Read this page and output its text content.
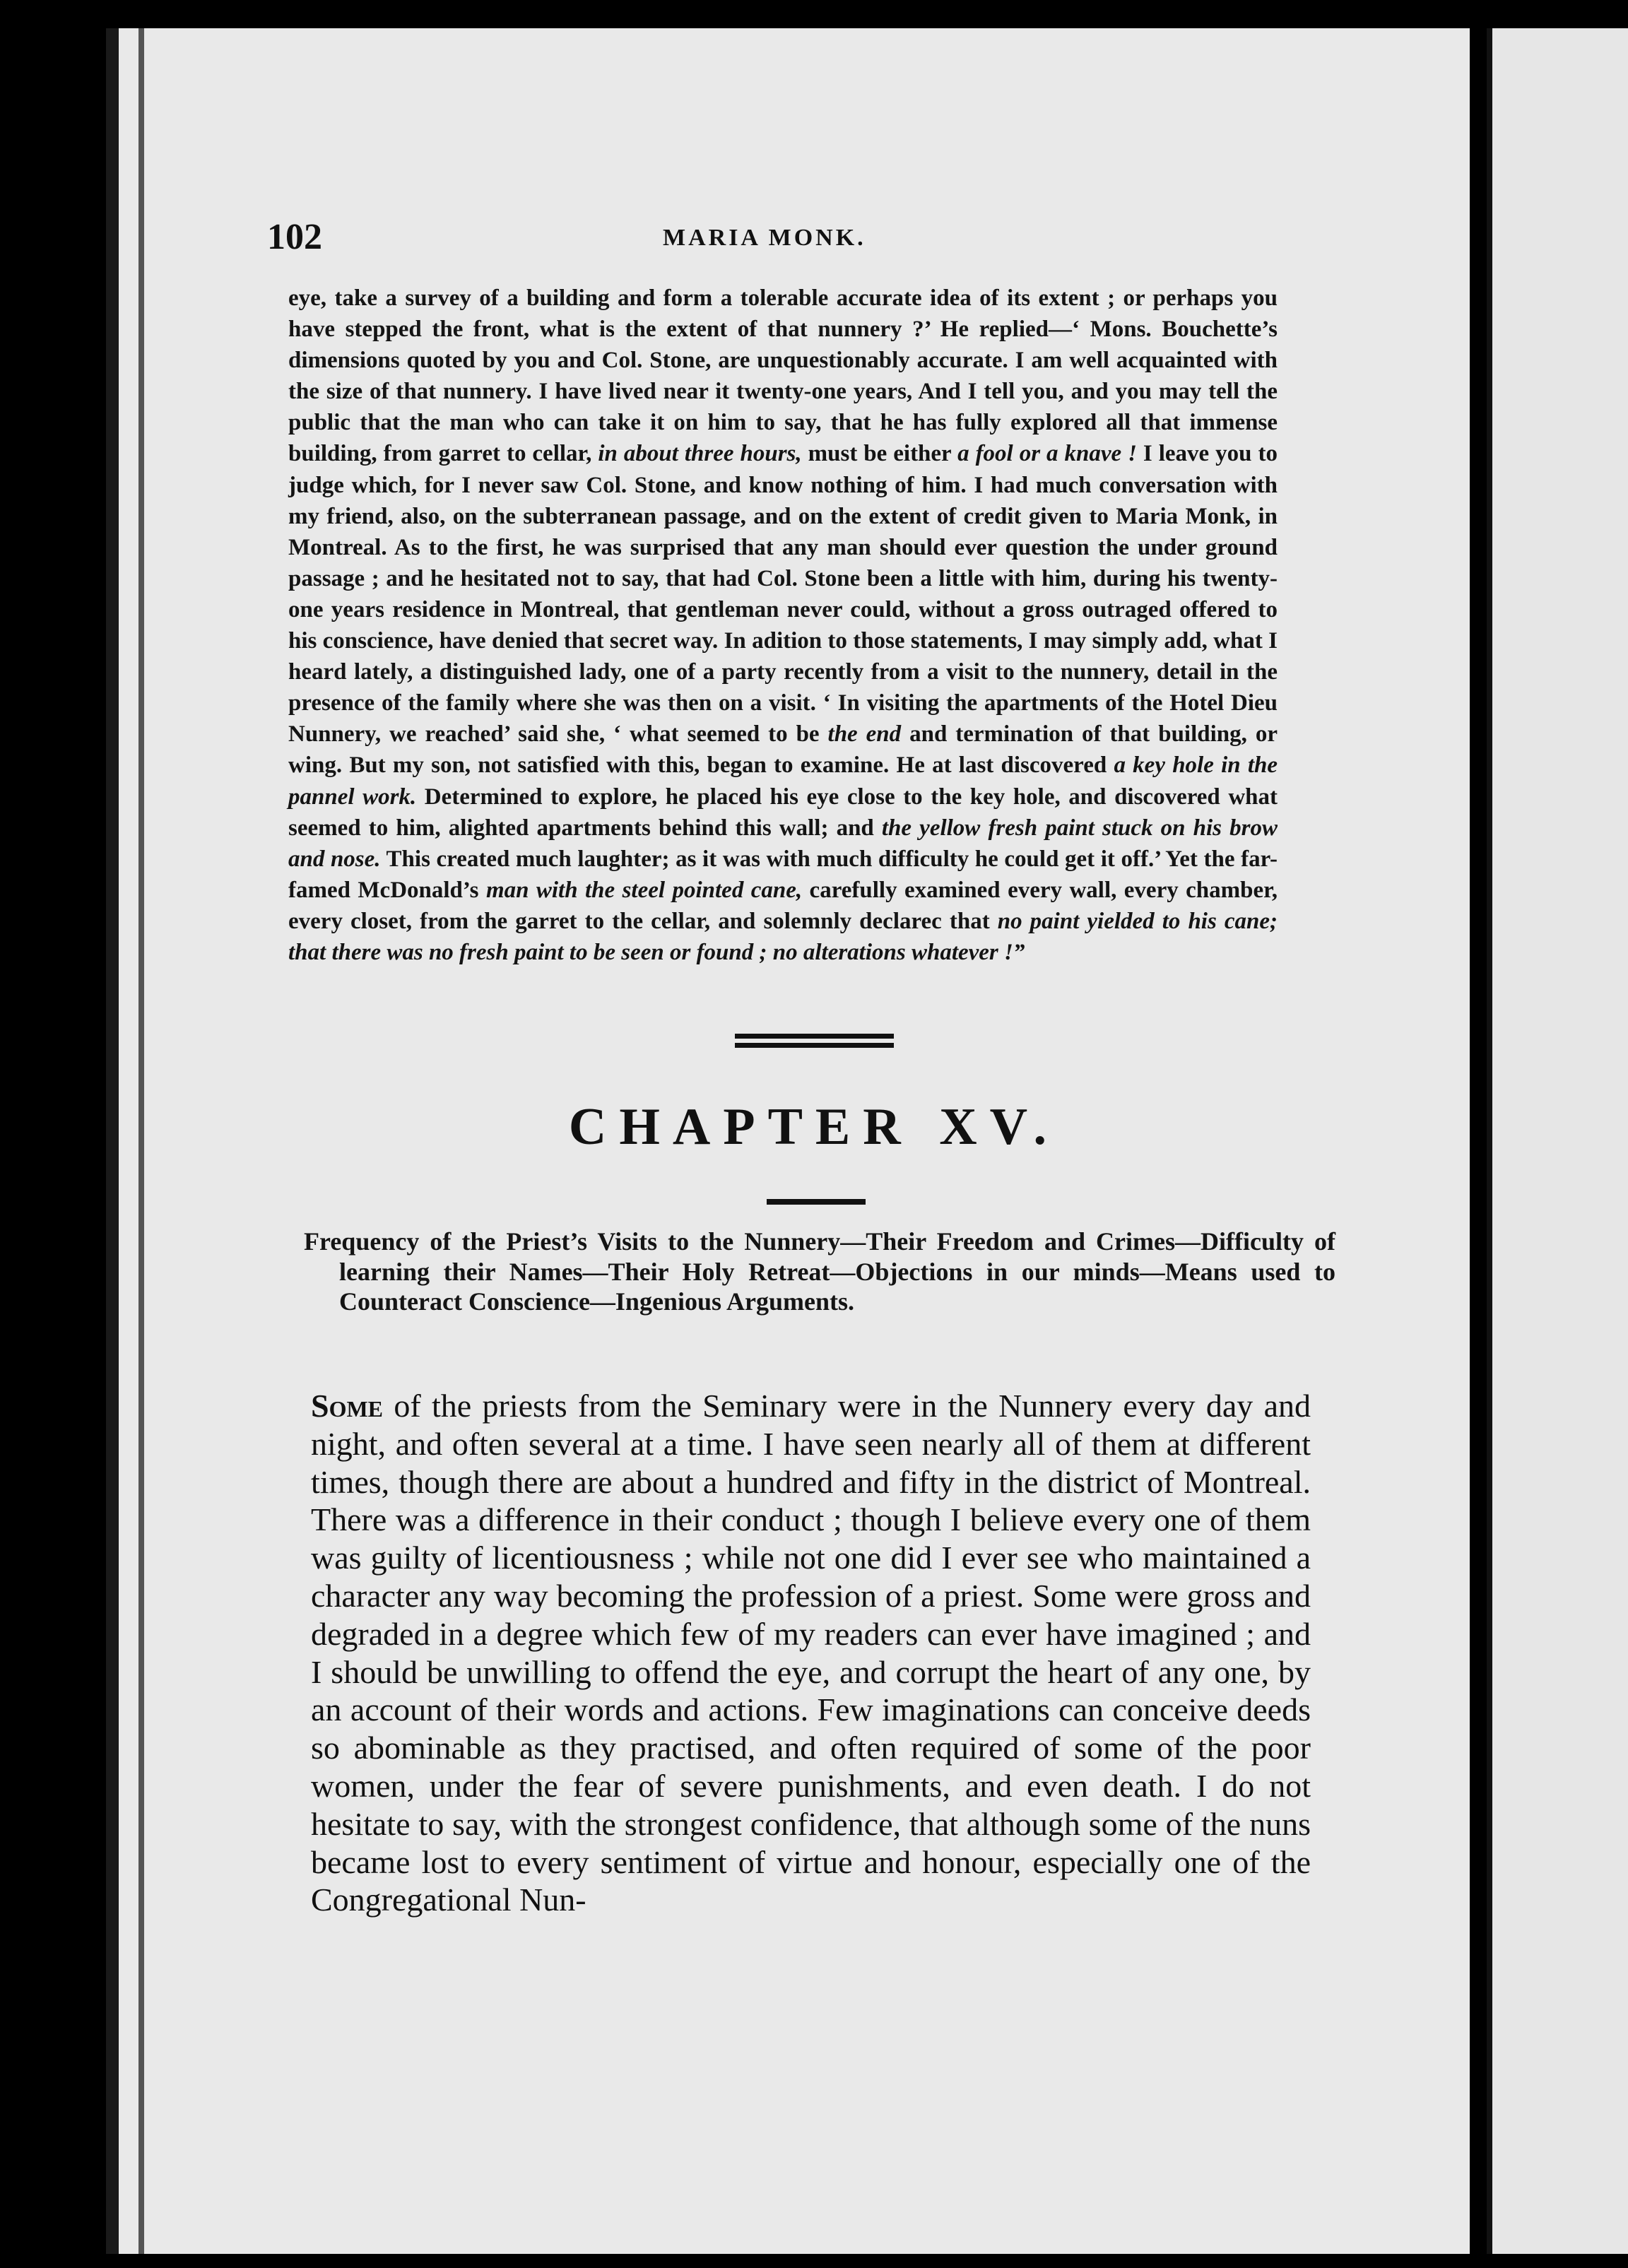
102	MARIA MONK.

eye, take a survey of a building and form a tolerable accurate idea of its extent ; or perhaps you have stepped the front, what is the extent of that nunnery ?’ He replied—‘ Mons. Bouchette’s dimensions quoted by you and Col. Stone, are unquestionably accurate. I am well acquainted with the size of that nunnery. I have lived near it twenty-one years, And I tell you, and you may tell the public that the man who can take it on him to say, that he has fully explored all that immense building, from garret to cellar, in about three hours, must be either a fool or a knave ! I leave you to judge which, for I never saw Col. Stone, and know nothing of him. I had much conversation with my friend, also, on the subterranean passage, and on the extent of credit given to Maria Monk, in Montreal. As to the first, he was surprised that any man should ever question the under ground passage ; and he hesitated not to say, that had Col. Stone been a little with him, during his twenty-one years residence in Montreal, that gentleman never could, without a gross outraged offered to his conscience, have denied that secret way. In adition to those statements, I may simply add, what I heard lately, a distinguished lady, one of a party recently from a visit to the nunnery, detail in the presence of the family where she was then on a visit. ‘ In visiting the apartments of the Hotel Dieu Nunnery, we reached’ said she, ‘ what seemed to be the end and termination of that building, or wing. But my son, not satisfied with this, began to examine. He at last discovered a key hole in the pannel work. Determined to explore, he placed his eye close to the key hole, and discovered what seemed to him, alighted apartments behind this wall; and the yellow fresh paint stuck on his brow and nose. This created much laughter; as it was with much difficulty he could get it off.’ Yet the far-famed McDonald’s man with the steel pointed cane, carefully examined every wall, every chamber, every closet, from the garret to the cellar, and solemnly declarec that no paint yielded to his cane; that there was no fresh paint to be seen or found ; no alterations whatever !”

CHAPTER XV.
Frequency of the Priest’s Visits to the Nunnery—Their Freedom and Crimes—Difficulty of learning their Names—Their Holy Retreat—Objections in our minds—Means used to Counteract Conscience—Ingenious Arguments.

Some of the priests from the Seminary were in the Nunnery every day and night, and often several at a time. I have seen nearly all of them at different times, though there are about a hundred and fifty in the district of Montreal. There was a difference in their conduct ; though I believe every one of them was guilty of licentiousness ; while not one did I ever see who maintained a character any way becoming the profession of a priest. Some were gross and degraded in a degree which few of my readers can ever have imagined ; and I should be unwilling to offend the eye, and corrupt the heart of any one, by an account of their words and actions. Few imaginations can conceive deeds so abominable as they practised, and often required of some of the poor women, under the fear of severe punishments, and even death. I do not hesitate to say, with the strongest confidence, that although some of the nuns became lost to every sentiment of virtue and honour, especially one of the Congregational Nun-
